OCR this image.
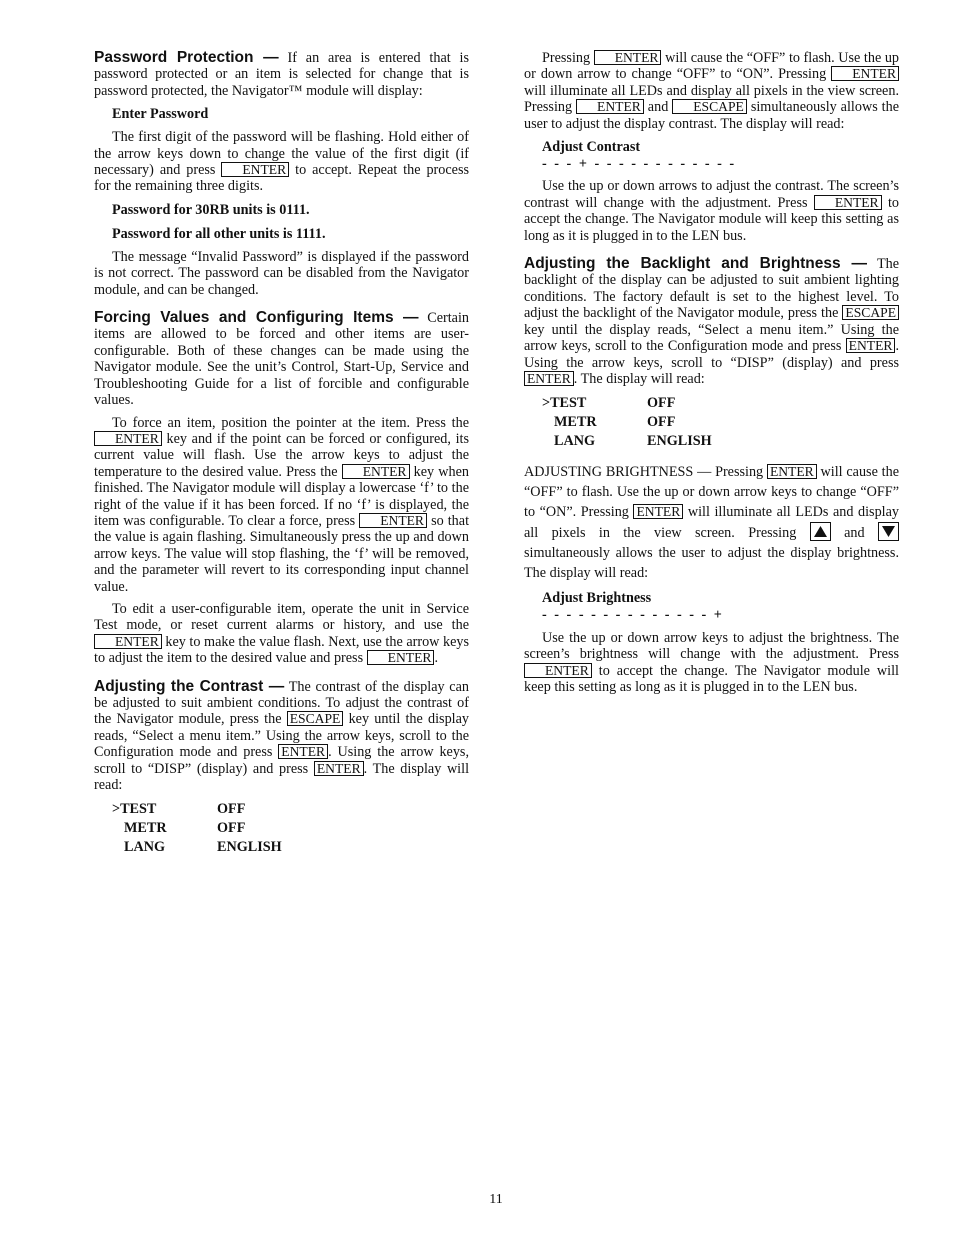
Password Protection — If an area is entered that is password protected or an item is selected for change that is password protected, the Navigator™ module will display:

Enter Password

The first digit of the password will be flashing. Hold either of the arrow keys down to change the value of the first digit (if necessary) and press ENTER to accept. Repeat the process for the remaining three digits.

Password for 30RB units is 0111.

Password for all other units is 1111.

The message “Invalid Password” is displayed if the password is not correct. The password can be disabled from the Navigator module, and can be changed.

Forcing Values and Configuring Items — Certain items are allowed to be forced and other items are user-configurable. Both of these changes can be made using the Navigator module. See the unit’s Control, Start-Up, Service and Troubleshooting Guide for a list of forcible and configurable values.

To force an item, position the pointer at the item. Press the ENTER key and if the point can be forced or configured, its current value will flash. Use the arrow keys to adjust the temperature to the desired value. Press the ENTER key when finished. The Navigator module will display a lowercase ‘f’ to the right of the value if it has been forced. If no ‘f’ is displayed, the item was configurable. To clear a force, press ENTER so that the value is again flashing. Simultaneously press the up and down arrow keys. The value will stop flashing, the ‘f’ will be removed, and the parameter will revert to its corresponding input channel value.

To edit a user-configurable item, operate the unit in Service Test mode, or reset current alarms or history, and use the ENTER key to make the value flash. Next, use the arrow keys to adjust the item to the desired value and press ENTER .

Adjusting the Contrast — The contrast of the display can be adjusted to suit ambient conditions. To adjust the contrast of the Navigator module, press the ESCAPE key until the display reads, “Select a menu item.” Using the arrow keys, scroll to the Configuration mode and press ENTER . Using the arrow keys, scroll to “DISP” (display) and press ENTER . The display will read:

>TEST	OFF
METR	OFF
LANG	ENGLISH

Pressing ENTER will cause the “OFF” to flash. Use the up or down arrow to change “OFF” to “ON”. Pressing ENTER will illuminate all LEDs and display all pixels in the view screen. Pressing ENTER and ESCAPE simultaneously allows the user to adjust the display contrast. The display will read:

Adjust Contrast

- - - + - - - - - - - - - - - -

Use the up or down arrows to adjust the contrast. The screen’s contrast will change with the adjustment. Press ENTER to accept the change. The Navigator module will keep this setting as long as it is plugged in to the LEN bus.

Adjusting the Backlight and Brightness — The backlight of the display can be adjusted to suit ambient lighting conditions. The factory default is set to the highest level. To adjust the backlight of the Navigator module, press the ESCAPE key until the display reads, “Select a menu item.” Using the arrow keys, scroll to the Configuration mode and press ENTER . Using the arrow keys, scroll to “DISP” (display) and press ENTER . The display will read:

>TEST	OFF
METR	OFF
LANG	ENGLISH

ADJUSTING BRIGHTNESS — Pressing ENTER will cause the “OFF” to flash. Use the up or down arrow keys to change “OFF” to “ON”. Pressing ENTER will illuminate all LEDs and display all pixels in the view screen. Pressing	and
simultaneously allows the user to adjust the display brightness. The display will read:

Adjust Brightness

- - - - - - - - - - - - - - +

Use the up or down arrow keys to adjust the brightness. The screen’s brightness will change with the adjustment. Press ENTER to accept the change. The Navigator module will keep this setting as long as it is plugged in to the LEN bus.

11
